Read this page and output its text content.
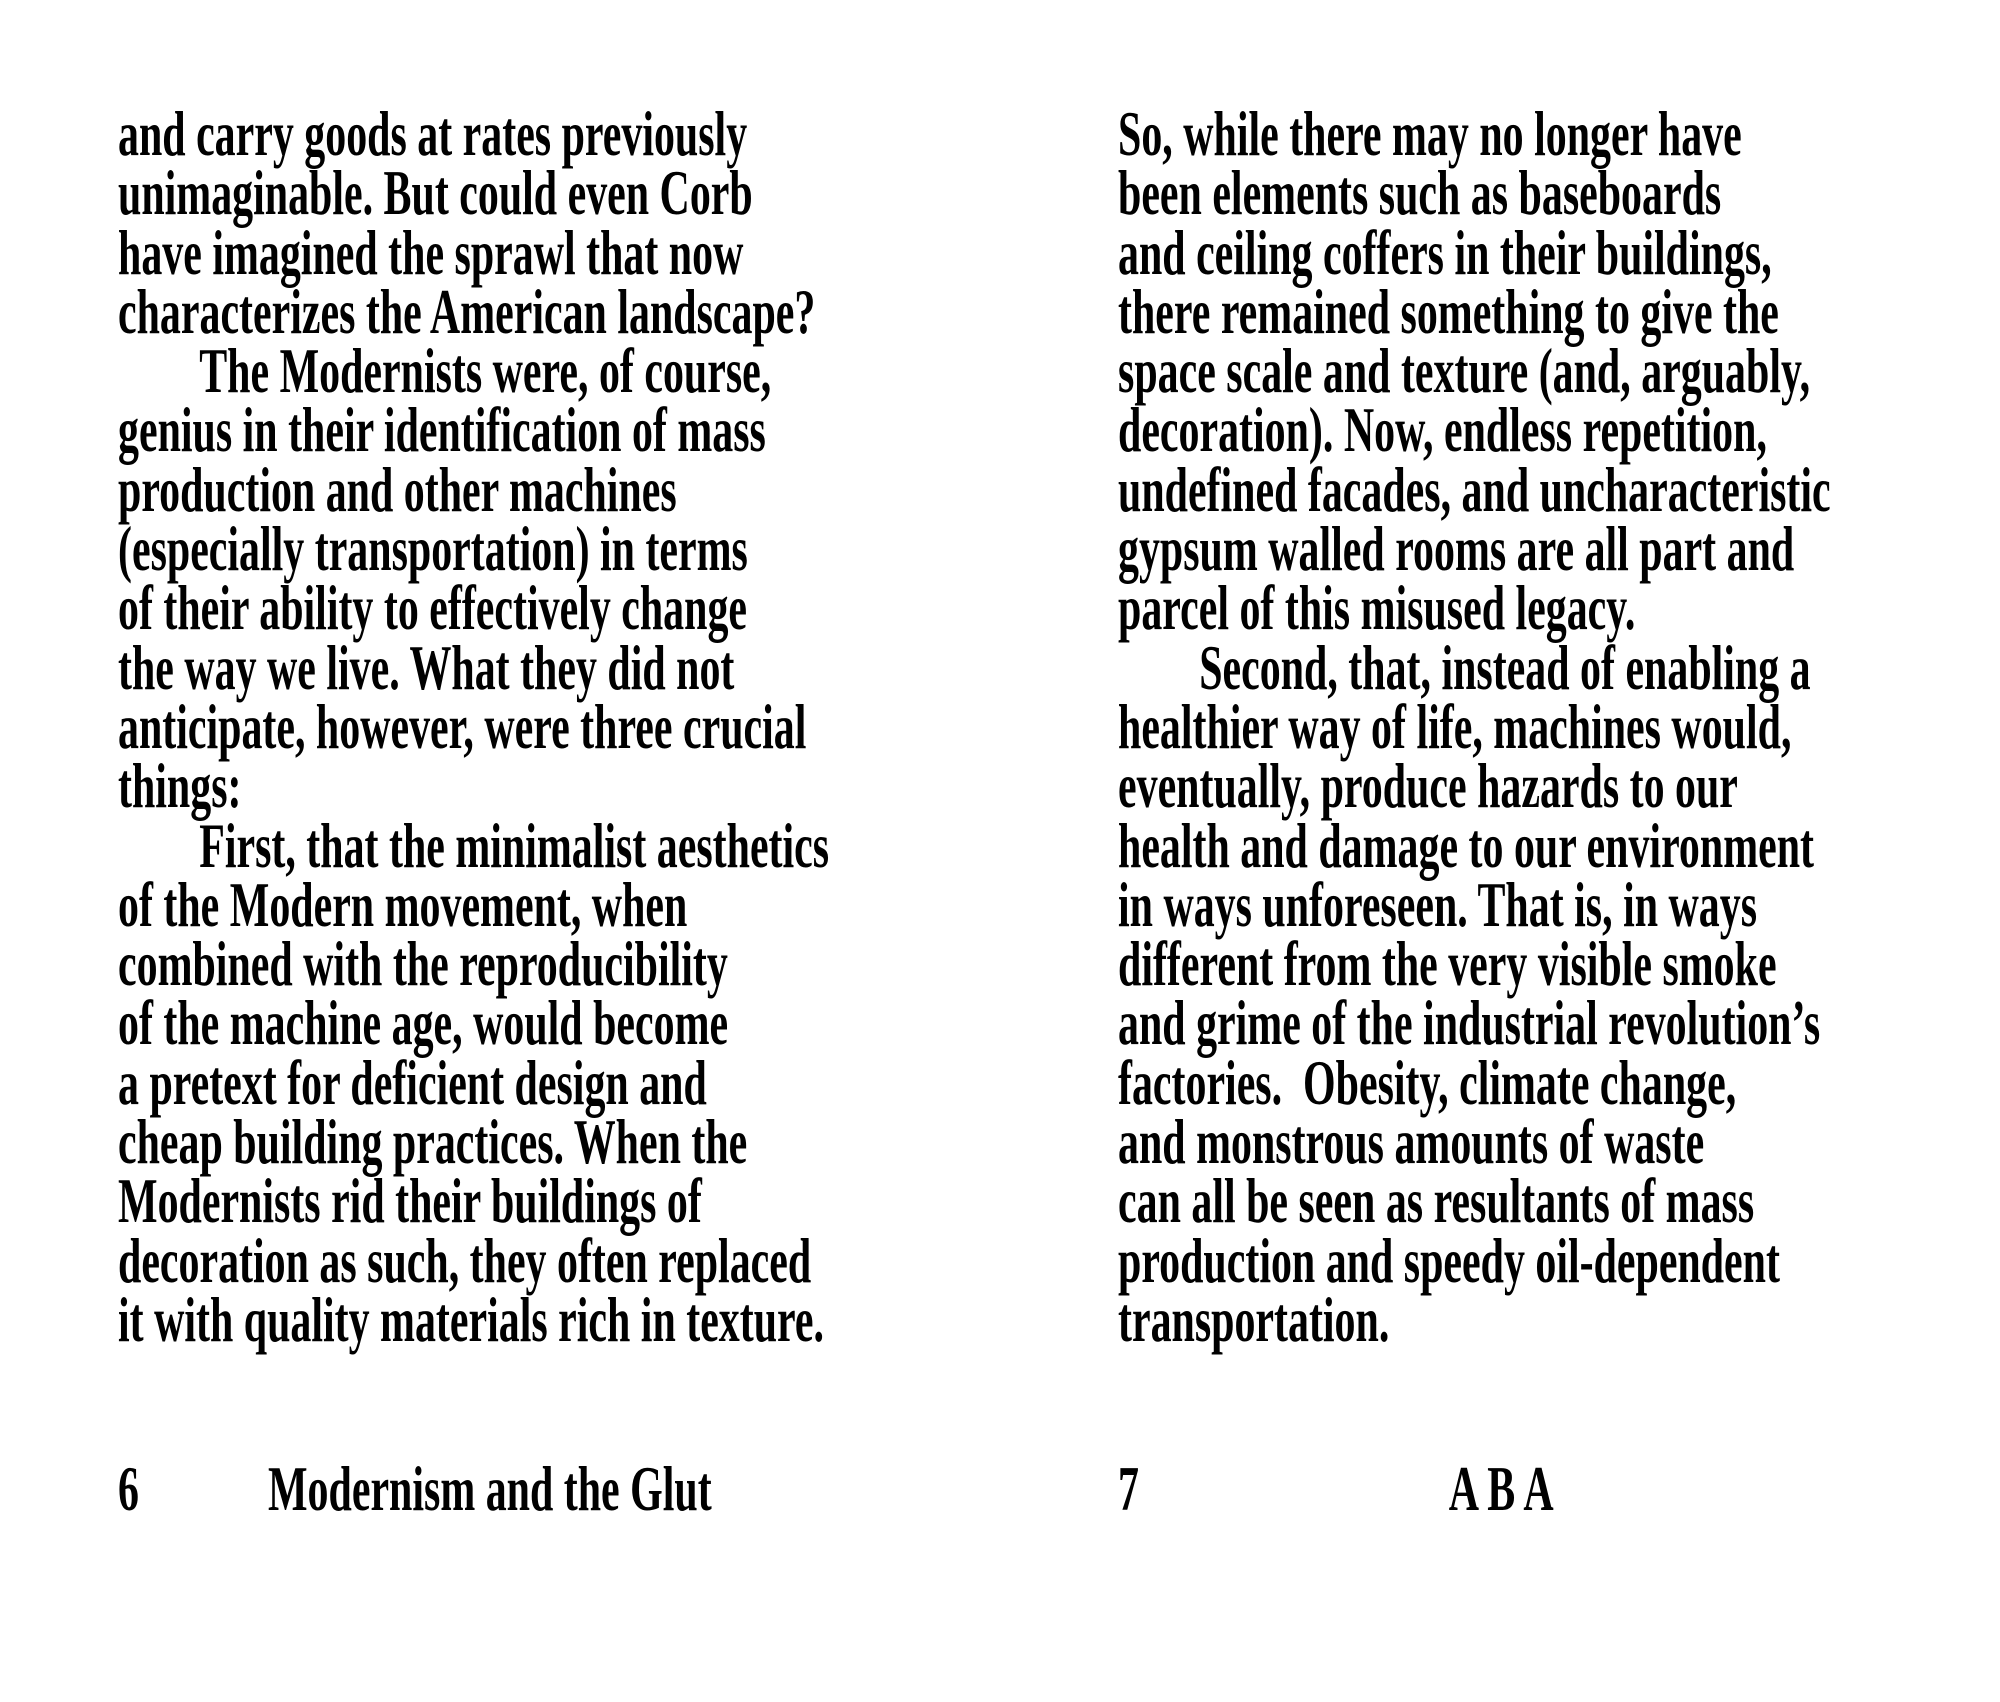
and carry goods at rates previously
unimaginable. But could even Corb
have imagined the sprawl that now
characterizes the American landscape?
The Modernists were, of course,
genius in their identification of mass
production and other machines
(especially transportation) in terms
of their ability to effectively change
the way we live. What they did not
anticipate, however, were three crucial
things:
First, that the minimalist aesthetics
of the Modern movement, when
combined with the reproducibility
of the machine age, would become
a pretext for deficient design and
cheap building practices. When the
Modernists rid their buildings of
decoration as such, they often replaced
it with quality materials rich in texture.

6

Modernism and the Glut

So, while there may no longer have
been elements such as baseboards
and ceiling coffers in their buildings,
there remained something to give the
space scale and texture (and, arguably,
decoration). Now, endless repetition,
undefined facades, and uncharacteristic
gypsum walled rooms are all part and
parcel of this misused legacy.
Second, that, instead of enabling a
healthier way of life, machines would,
eventually, produce hazards to our
health and damage to our environment
in ways unforeseen. That is, in ways
different from the very visible smoke
and grime of the industrial revolution’s
factories.  Obesity, climate change,
and monstrous amounts of waste
can all be seen as resultants of mass
production and speedy oil-dependent
transportation.

7

	A B A
